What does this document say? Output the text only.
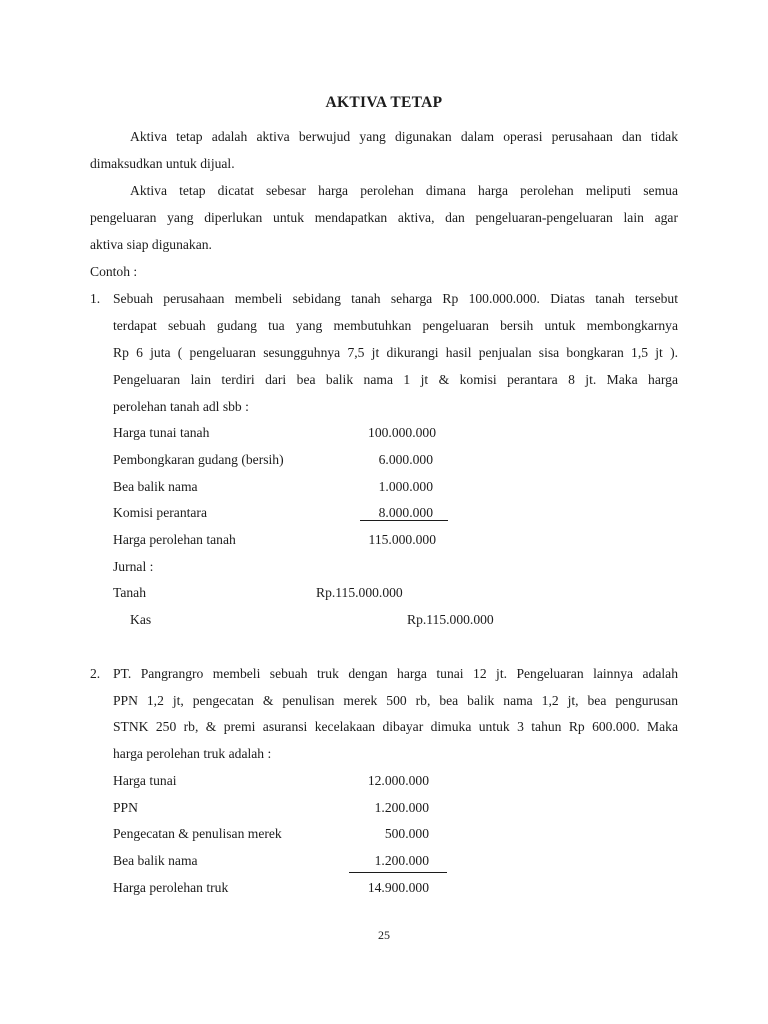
AKTIVA TETAP
Aktiva tetap adalah aktiva berwujud yang digunakan dalam operasi perusahaan dan tidak
dimaksudkan untuk dijual.
Aktiva tetap dicatat sebesar harga perolehan dimana harga perolehan meliputi semua
pengeluaran yang diperlukan untuk mendapatkan aktiva, dan pengeluaran-pengeluaran lain agar
aktiva siap digunakan.
Contoh :
1. Sebuah perusahaan membeli sebidang tanah seharga Rp 100.000.000. Diatas tanah tersebut
terdapat sebuah gudang tua yang membutuhkan pengeluaran bersih untuk membongkarnya
Rp 6 juta ( pengeluaran sesungguhnya 7,5 jt dikurangi hasil penjualan sisa bongkaran 1,5 jt ).
Pengeluaran lain terdiri dari bea balik nama 1 jt & komisi perantara 8 jt. Maka harga
perolehan tanah adl sbb :
Harga tunai tanah	100.000.000
Pembongkaran gudang (bersih)	6.000.000
Bea balik nama	1.000.000
Komisi perantara	8.000.000
Harga perolehan tanah	115.000.000
Jurnal :
Tanah	Rp.115.000.000
Kas	Rp.115.000.000
2. PT. Pangrangro membeli sebuah truk dengan harga tunai 12 jt. Pengeluaran lainnya adalah
PPN 1,2 jt, pengecatan & penulisan merek 500 rb, bea balik nama 1,2 jt, bea pengurusan
STNK 250 rb, & premi asuransi kecelakaan dibayar dimuka untuk 3 tahun Rp 600.000. Maka
harga perolehan truk adalah :
Harga tunai	12.000.000
PPN	1.200.000
Pengecatan & penulisan merek	500.000
Bea balik nama	1.200.000
Harga perolehan truk	14.900.000
25
